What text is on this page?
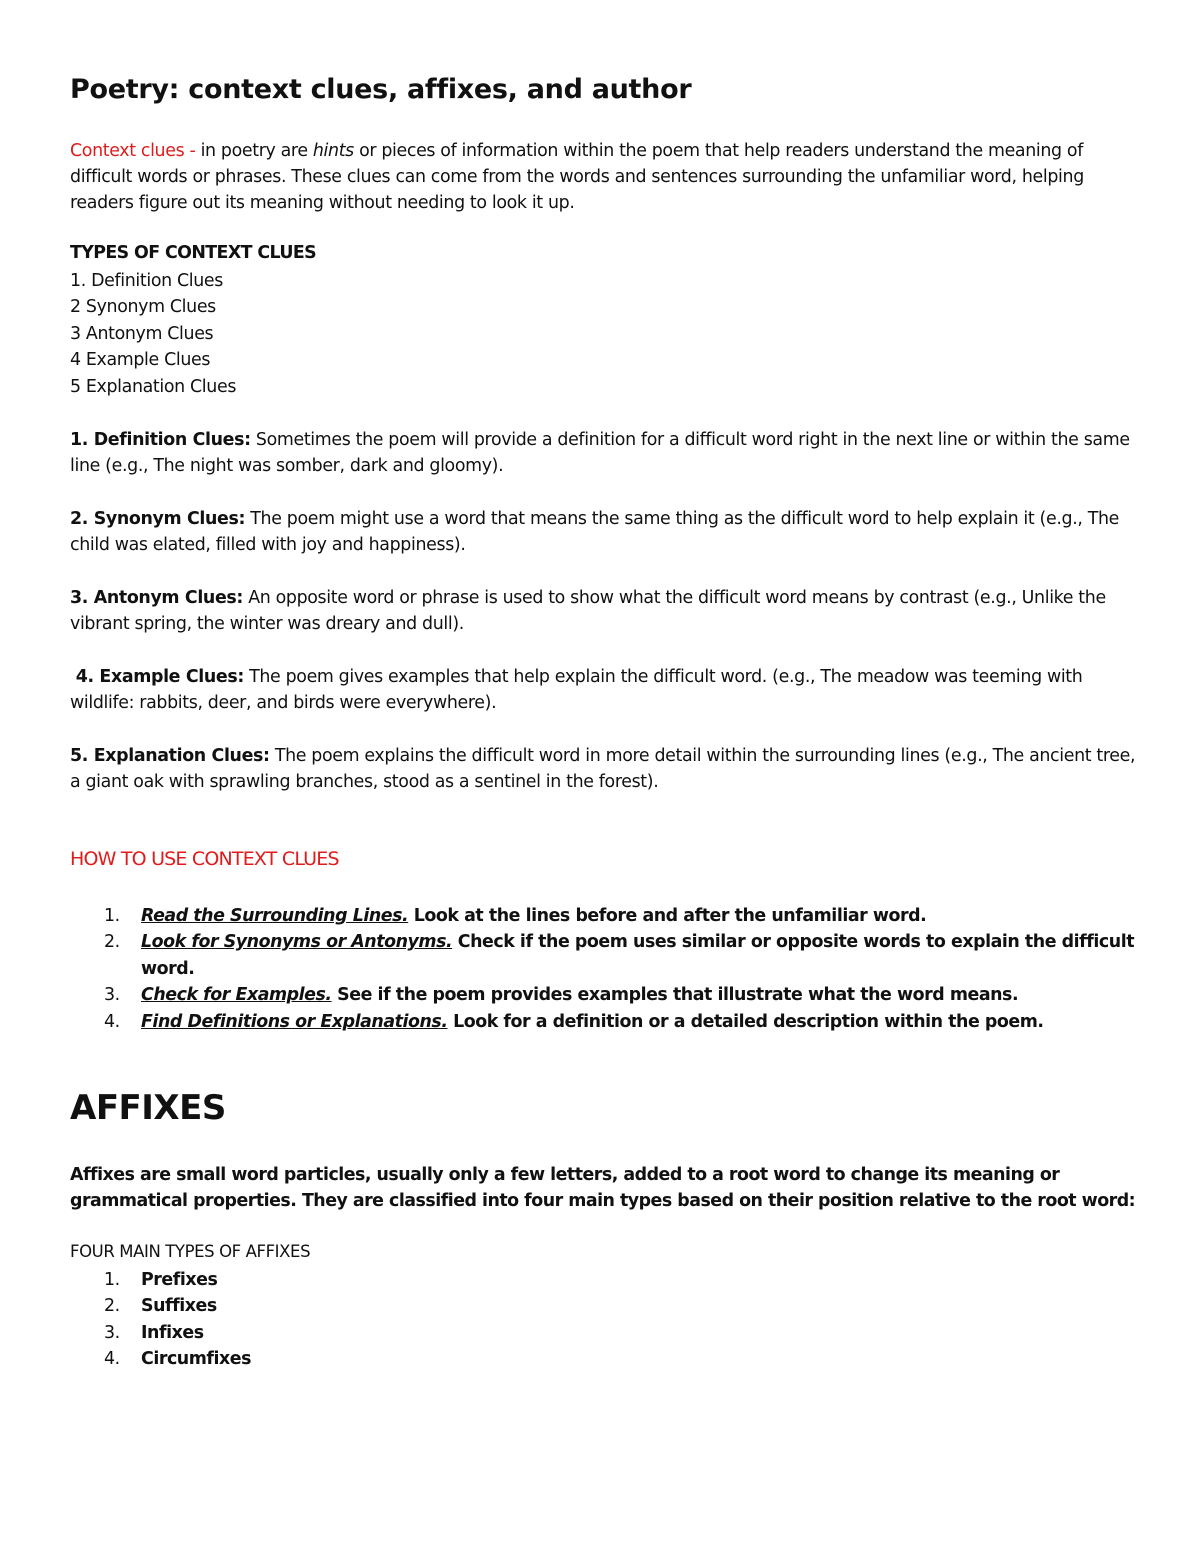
Poetry: context clues, affixes, and author
Context clues - in poetry are hints or pieces of information within the poem that help readers understand the meaning of difficult words or phrases. These clues can come from the words and sentences surrounding the unfamiliar word, helping readers figure out its meaning without needing to look it up.
TYPES OF CONTEXT CLUES
1. Definition Clues
2 Synonym Clues
3 Antonym Clues
4 Example Clues
5 Explanation Clues
1. Definition Clues: Sometimes the poem will provide a definition for a difficult word right in the next line or within the same line (e.g., The night was somber, dark and gloomy).
2. Synonym Clues: The poem might use a word that means the same thing as the difficult word to help explain it (e.g., The child was elated, filled with joy and happiness).
3. Antonym Clues: An opposite word or phrase is used to show what the difficult word means by contrast (e.g., Unlike the vibrant spring, the winter was dreary and dull).
4. Example Clues: The poem gives examples that help explain the difficult word. (e.g., The meadow was teeming with wildlife: rabbits, deer, and birds were everywhere).
5. Explanation Clues: The poem explains the difficult word in more detail within the surrounding lines (e.g., The ancient tree, a giant oak with sprawling branches, stood as a sentinel in the forest).
HOW TO USE CONTEXT CLUES
1. Read the Surrounding Lines. Look at the lines before and after the unfamiliar word.
2. Look for Synonyms or Antonyms. Check if the poem uses similar or opposite words to explain the difficult word.
3. Check for Examples. See if the poem provides examples that illustrate what the word means.
4. Find Definitions or Explanations. Look for a definition or a detailed description within the poem.
AFFIXES
Affixes are small word particles, usually only a few letters, added to a root word to change its meaning or grammatical properties. They are classified into four main types based on their position relative to the root word:
FOUR MAIN TYPES OF AFFIXES
1. Prefixes
2. Suffixes
3. Infixes
4. Circumfixes
